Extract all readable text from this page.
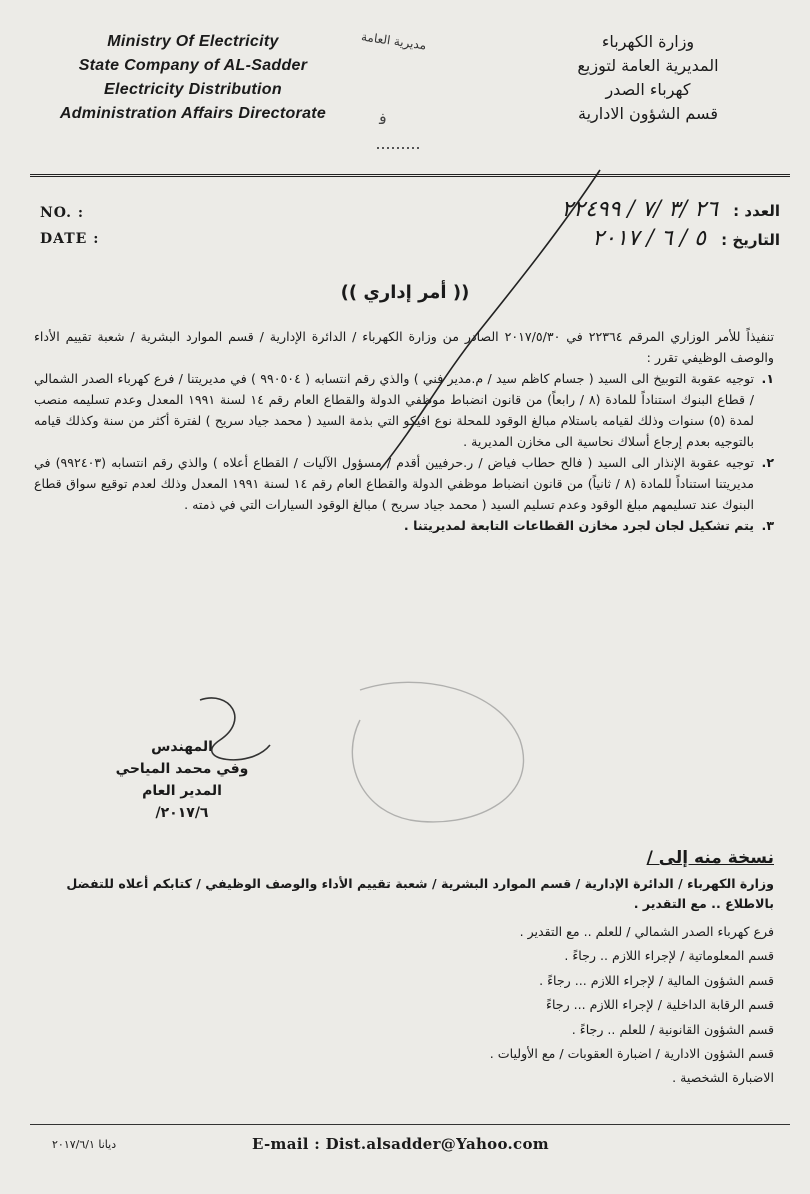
Ministry Of Electricity
State Company of AL-Sadder
Electricity Distribution
Administration Affairs Directorate
مديرية العامة
ﻓ
وزارة الكهرباء
المديرية العامة لتوزيع
كهرباء الصدر
قسم الشؤون الادارية
NO. :
DATE :
العدد : ٢٦ /٣ /٧ / ٢٢٤٩٩
التاريخ : ٥ / ٦ / ٢٠١٧
(( أمر إداري ))

تنفيذاً للأمر الوزاري المرقم ٢٢٣٦٤ في ٢٠١٧/٥/٣٠ الصادر من وزارة الكهرباء / الدائرة الإدارية / قسم الموارد البشرية / شعبة تقييم الأداء والوصف الوظيفي تقرر :

١.
توجيه عقوبة التوبيخ الى السيد ( جسام كاظم سيد / م.مدير فني ) والذي رقم انتسابه ( ٩٩٠٥٠٤ ) في مديريتنا / فرع كهرباء الصدر الشمالي / قطاع البنوك استناداً للمادة (٨ / رابعاً) من قانون انضباط موظفي الدولة والقطاع العام رقم ١٤ لسنة ١٩٩١ المعدل وعدم تسليمه منصب لمدة (٥) سنوات وذلك لقيامه باستلام مبالغ الوقود للمحلة نوع افيكو التي بذمة السيد ( محمد جياد سريح ) لفترة أكثر من سنة وكذلك قيامه بالتوجيه بعدم إرجاع أسلاك نحاسية الى مخازن المديرية .
٢.
توجيه عقوبة الإنذار الى السيد ( فالح حطاب فياض / ر.حرفيين أقدم / مسؤول الآليات / القطاع أعلاه ) والذي رقم انتسابه (٩٩٢٤٠٣) في مديريتنا استناداً للمادة (٨ / ثانياً) من قانون انضباط موظفي الدولة والقطاع العام رقم ١٤ لسنة ١٩٩١ المعدل وذلك لعدم توقيع سواق قطاع البنوك عند تسليمهم مبلغ الوقود وعدم تسليم السيد ( محمد جياد سريح ) مبالغ الوقود السيارات التي في ذمته .
٣.
يتم تشكيل لجان لجرد مخازن القطاعات التابعة لمديريتنا .
المهندس
وفي محمد المياحي
المدير العام
٢٠١٧/٦/
نسخة منه إلى /
وزارة الكهرباء / الدائرة الإدارية / قسم الموارد البشرية / شعبة تقييم الأداء والوصف الوظيفي / كتابكم أعلاه للتفضل بالاطلاع .. مع التقدير .
فرع كهرباء الصدر الشمالي / للعلم .. مع التقدير .
قسم المعلوماتية / لإجراء اللازم .. رجاءً .
قسم الشؤون المالية / لإجراء اللازم ... رجاءً .
قسم الرقابة الداخلية / لإجراء اللازم ... رجاءً
قسم الشؤون القانونية / للعلم .. رجاءً .
قسم الشؤون الادارية / اضبارة العقوبات / مع الأوليات .
الاضبارة الشخصية .
ديانا ٢٠١٧/٦/١	E-mail : Dist.alsadder@Yahoo.com
